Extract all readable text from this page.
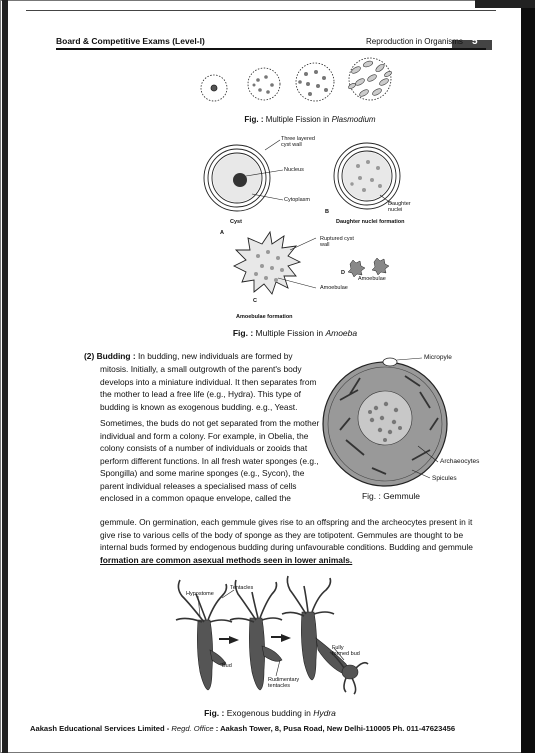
Board & Competitive Exams (Level-I)	Reproduction in Organisms 5
Fig. : Multiple Fission in Plasmodium
Three layered cyst wall
Nucleus
Cytoplasm
Cyst
A
B
Daughter nuclei
Daughter nuclei formation
Ruptured cyst wall
D
Amoebulae
Amoebulae
C
Amoebulae formation
Fig. : Multiple Fission in Amoeba
(2) Budding : In budding, new individuals are formed by

mitosis. Initially, a small outgrowth of the parent's body

develops into a miniature individual. It then separates from

the mother to lead a free life (e.g., Hydra). This type of

budding is known as exogenous budding. e.g., Yeast.

Sometimes, the buds do not get separated from the mother

individual and form a colony. For example, in Obelia, the

colony consists of a number of individuals or zooids that

perform different functions. In all fresh water sponges (e.g.,

Spongilla) and some marine sponges (e.g., Sycon), the

parent individual releases a specialised mass of cells

enclosed in a common opaque envelope, called the

gemmule. On germination, each gemmule gives rise to an offspring and the archeocytes present in it

give rise to various cells of the body of sponge as they are totipotent. Gemmules are thought to be

internal buds formed by endogenous budding during unfavourable conditions. Budding and gemmule

formation are common asexual methods seen in lower animals.

Micropyle
Archaeocytes
Spicules
Fig. : Gemmule
Tentacles
Hypostome
Bud
Rudimentary tentacles
Fully formed bud
Fig. : Exogenous budding in Hydra
Aakash Educational Services Limited - Regd. Office : Aakash Tower, 8, Pusa Road, New Delhi-110005 Ph. 011-47623456
